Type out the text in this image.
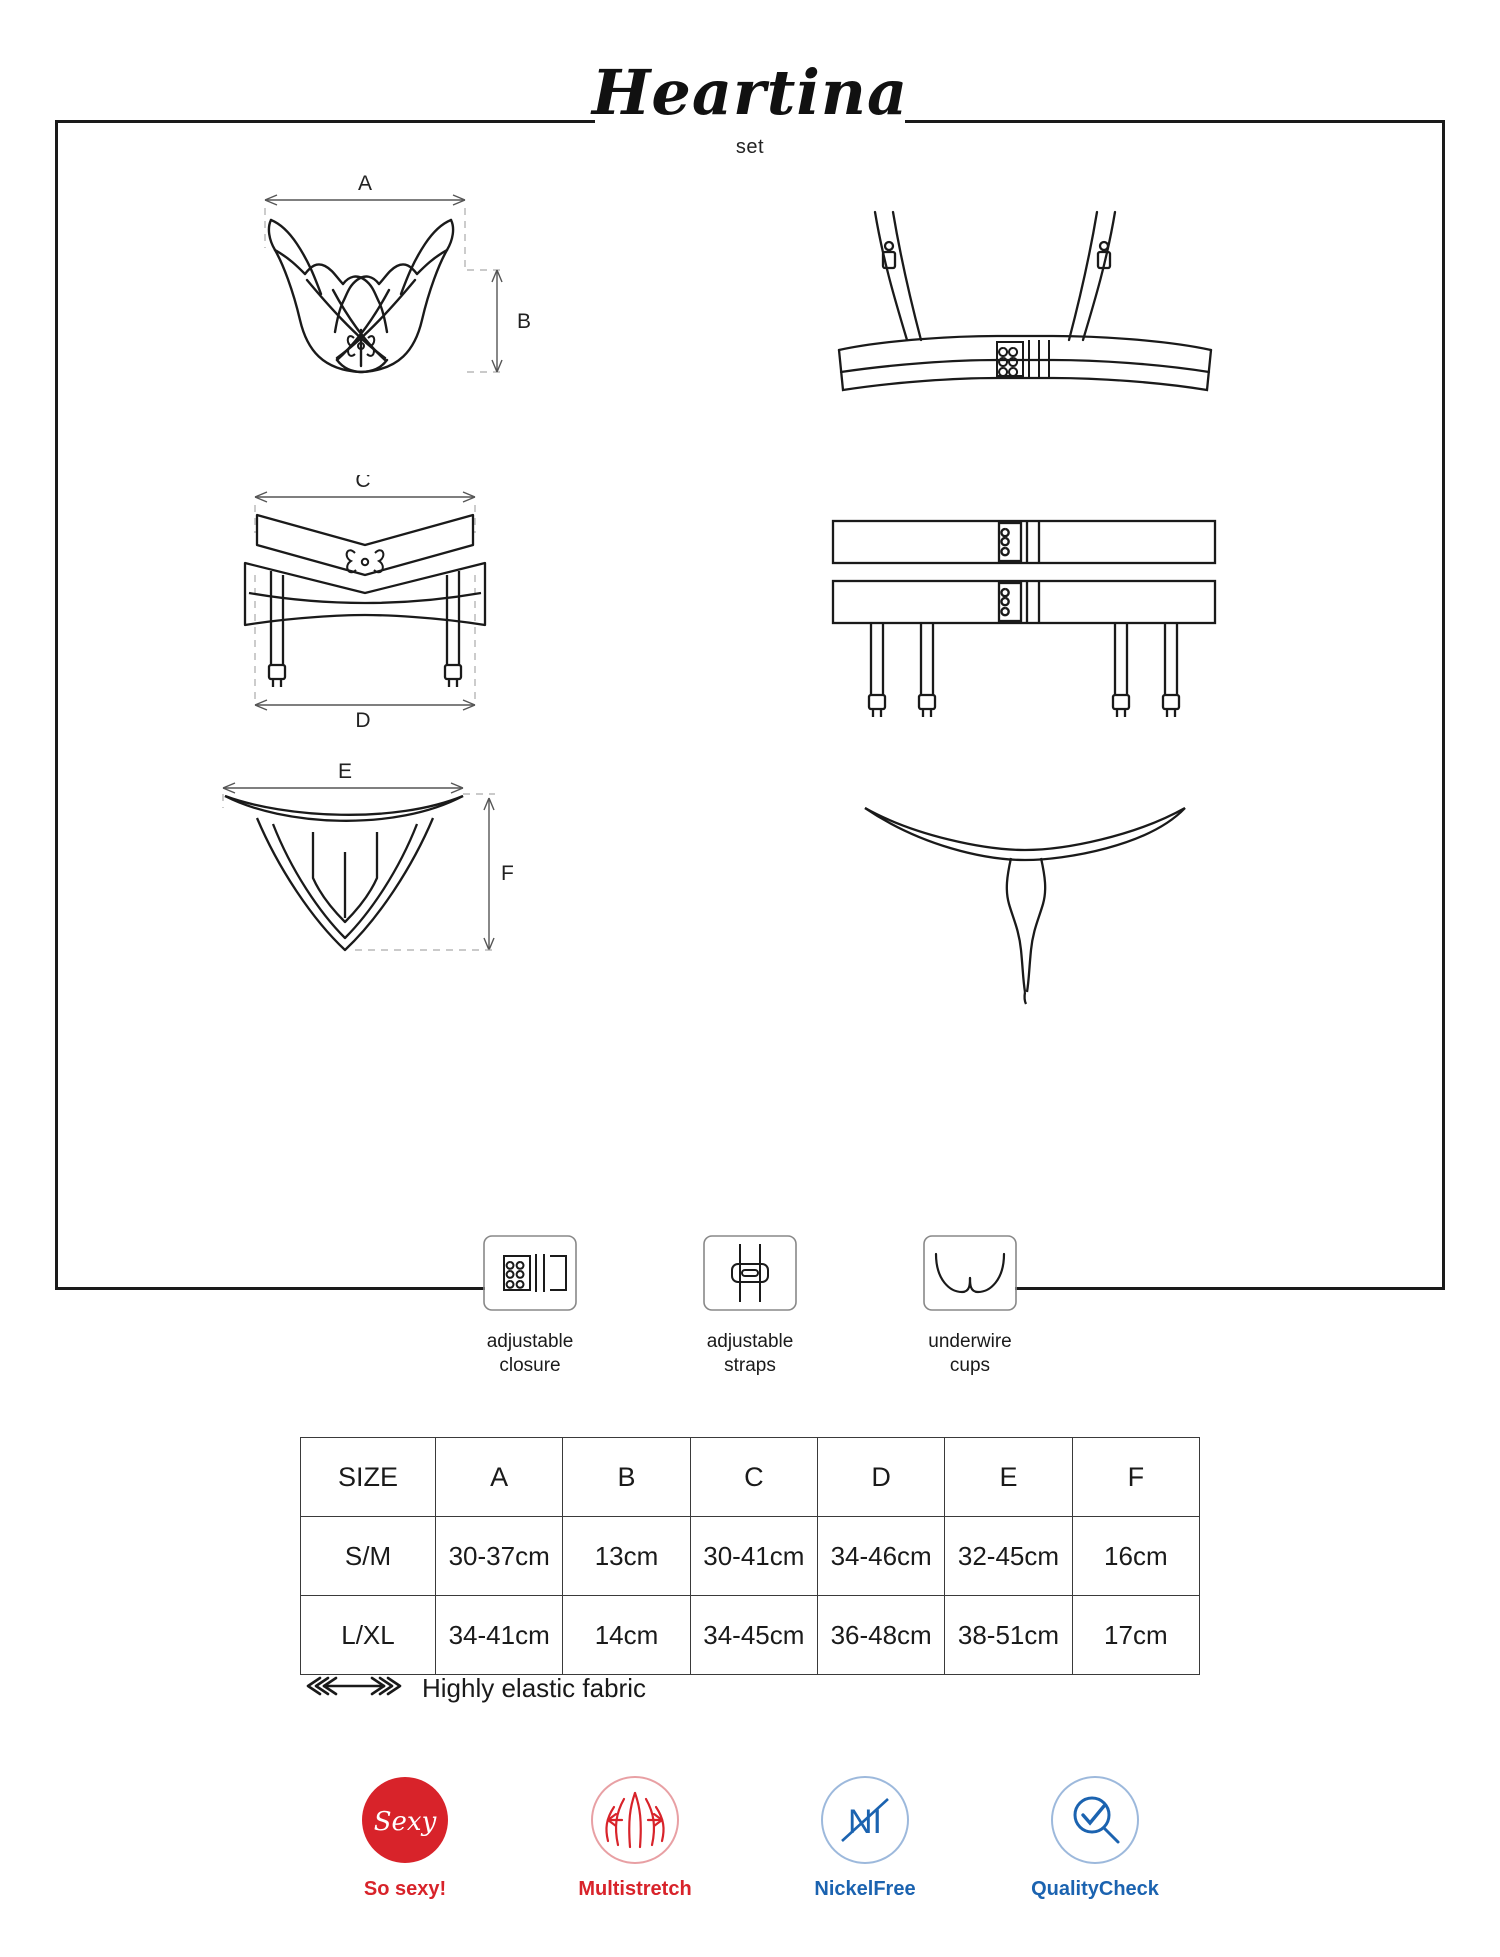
Heartina
set
A
B
C
D
E
F
adjustable
closure
adjustable
straps
underwire
cups
SIZE	A	B	C	D	E	F
S/M	30-37cm	13cm	30-41cm	34-46cm	32-45cm	16cm
L/XL	34-41cm	14cm	34-45cm	36-48cm	38-51cm	17cm
Highly elastic fabric
Sexy
So sexy!	Multistretch
NI
NickelFree	QualityCheck
